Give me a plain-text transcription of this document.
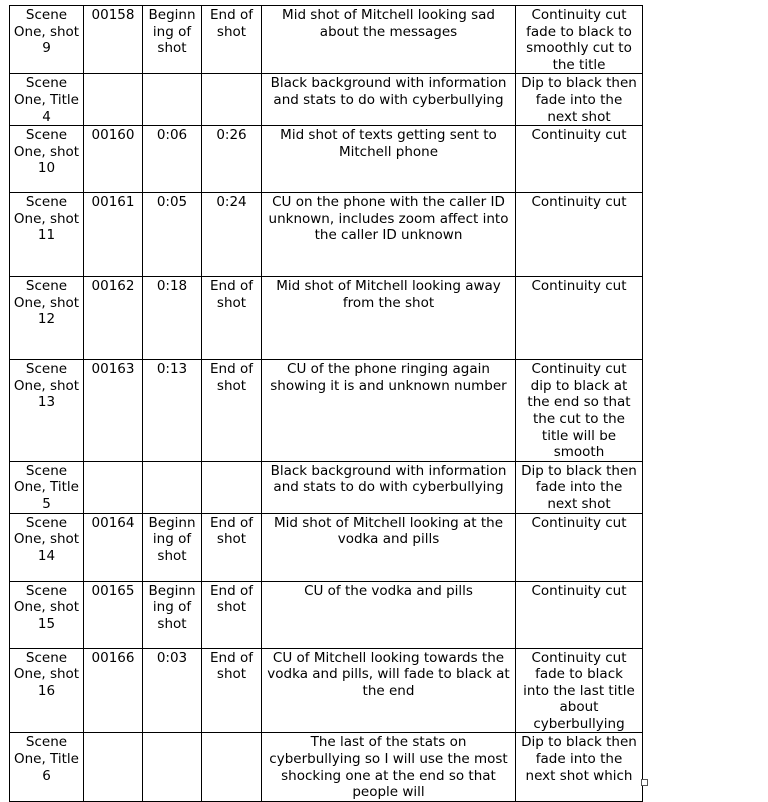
Scene One, shot 9	00158	Beginn ing of shot	End of shot	Mid shot of Mitchell looking sad about the messages	Continuity cut fade to black to smoothly cut to the title
Scene One, Title 4				Black background with information and stats to do with cyberbullying	Dip to black then fade into the next shot
Scene One, shot 10	00160	0:06	0:26	Mid shot of texts getting sent to Mitchell phone	Continuity cut
Scene One, shot 11	00161	0:05	0:24	CU on the phone with the caller ID unknown, includes zoom affect into the caller ID unknown	Continuity cut
Scene One, shot 12	00162	0:18	End of shot	Mid shot of Mitchell looking away from the shot	Continuity cut
Scene One, shot 13	00163	0:13	End of shot	CU of the phone ringing again showing it is and unknown number	Continuity cut dip to black at the end so that the cut to the title will be smooth
Scene One, Title 5				Black background with information and stats to do with cyberbullying	Dip to black then fade into the next shot
Scene One, shot 14	00164	Beginn ing of shot	End of shot	Mid shot of Mitchell looking at the vodka and pills	Continuity cut
Scene One, shot 15	00165	Beginn ing of shot	End of shot	CU of the vodka and pills	Continuity cut
Scene One, shot 16	00166	0:03	End of shot	CU of Mitchell looking towards the vodka and pills, will fade to black at the end	Continuity cut fade to black into the last title about cyberbullying
Scene One, Title 6				The last of the stats on cyberbullying so I will use the most shocking one at the end so that people will	Dip to black then fade into the next shot which
